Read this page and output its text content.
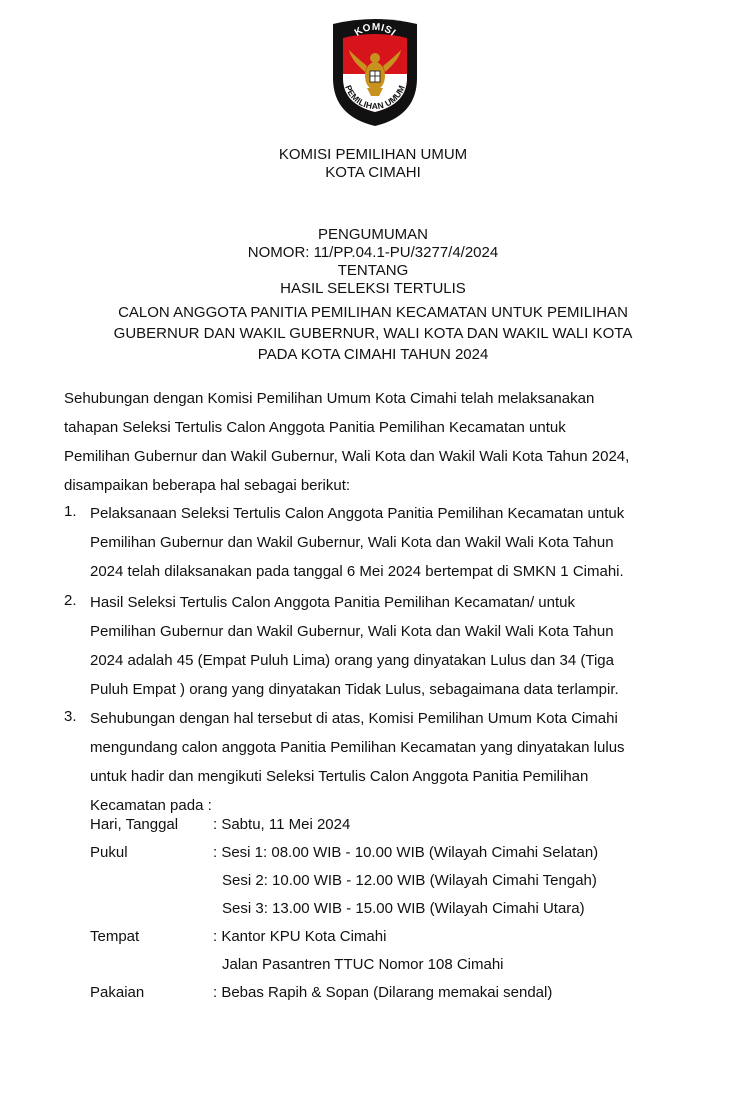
KOMISI
PEMILIHAN UMUM
KOMISI PEMILIHAN UMUM
KOTA CIMAHI
PENGUMUMAN
NOMOR: 11/PP.04.1-PU/3277/4/2024
TENTANG
HASIL SELEKSI TERTULIS
CALON ANGGOTA PANITIA PEMILIHAN KECAMATAN UNTUK PEMILIHAN
GUBERNUR DAN WAKIL GUBERNUR, WALI KOTA DAN WAKIL WALI KOTA
PADA KOTA CIMAHI TAHUN 2024
Sehubungan dengan Komisi Pemilihan Umum Kota Cimahi telah melaksanakan
tahapan Seleksi Tertulis Calon Anggota Panitia Pemilihan Kecamatan untuk
Pemilihan Gubernur dan Wakil Gubernur, Wali Kota dan Wakil Wali Kota Tahun 2024,
disampaikan beberapa hal sebagai berikut:
1. Pelaksanaan Seleksi Tertulis Calon Anggota Panitia Pemilihan Kecamatan untuk
Pemilihan Gubernur dan Wakil Gubernur, Wali Kota dan Wakil Wali Kota Tahun
2024 telah dilaksanakan pada tanggal 6 Mei 2024 bertempat di SMKN 1 Cimahi.
2. Hasil Seleksi Tertulis Calon Anggota Panitia Pemilihan Kecamatan/ untuk
Pemilihan Gubernur dan Wakil Gubernur, Wali Kota dan Wakil Wali Kota Tahun
2024 adalah 45 (Empat Puluh Lima) orang yang dinyatakan Lulus dan 34 (Tiga
Puluh Empat ) orang yang dinyatakan Tidak Lulus, sebagaimana data terlampir.
3. Sehubungan dengan hal tersebut di atas, Komisi Pemilihan Umum Kota Cimahi
mengundang calon anggota Panitia Pemilihan Kecamatan yang dinyatakan lulus
untuk hadir dan mengikuti Seleksi Tertulis Calon Anggota Panitia Pemilihan
Kecamatan pada :
Hari, Tanggal : Sabtu, 11 Mei 2024
Pukul	: Sesi 1: 08.00 WIB - 10.00 WIB (Wilayah Cimahi Selatan)
Sesi 2: 10.00 WIB - 12.00 WIB (Wilayah Cimahi Tengah)
Sesi 3: 13.00 WIB - 15.00 WIB (Wilayah Cimahi Utara)
Tempat	: Kantor KPU Kota Cimahi
Jalan Pasantren TTUC Nomor 108 Cimahi
Pakaian	: Bebas Rapih & Sopan (Dilarang memakai sendal)
